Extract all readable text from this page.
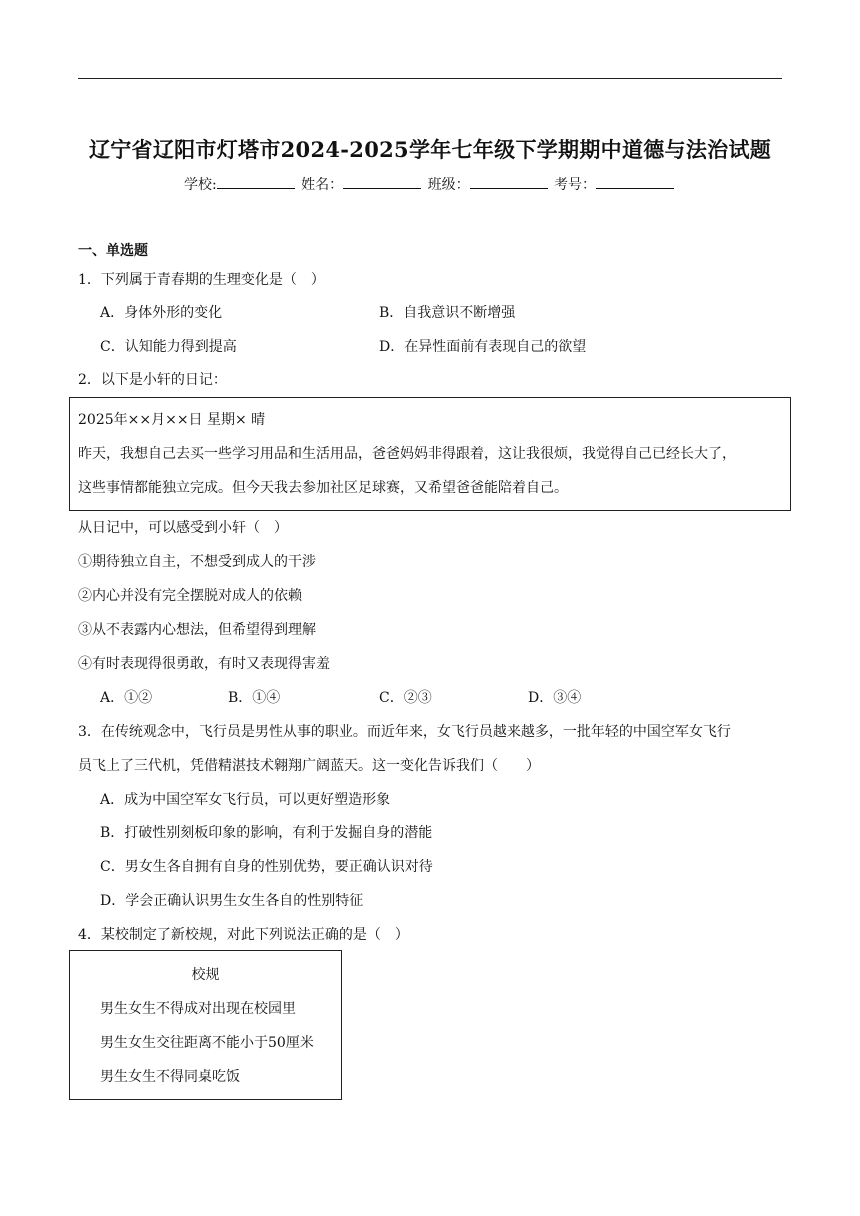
辽宁省辽阳市灯塔市2024-2025学年七年级下学期期中道德与法治试题
学校:	姓名：	班级：	考号：
一、单选题
1．下列属于青春期的生理变化是（　）
A．身体外形的变化	B．自我意识不断增强
C．认知能力得到提高	D．在异性面前有表现自己的欲望
2．以下是小轩的日记：
2025年××月××日 星期× 晴
昨天，我想自己去买一些学习用品和生活用品，爸爸妈妈非得跟着，这让我很烦，我觉得自己已经长大了，
这些事情都能独立完成。但今天我去参加社区足球赛，又希望爸爸能陪着自己。
从日记中，可以感受到小轩（　）
①期待独立自主，不想受到成人的干涉
②内心并没有完全摆脱对成人的依赖
③从不表露内心想法，但希望得到理解
④有时表现得很勇敢，有时又表现得害羞
A．①②	B．①④	C．②③	D．③④
3．在传统观念中，飞行员是男性从事的职业。而近年来，女飞行员越来越多，一批年轻的中国空军女飞行
员飞上了三代机，凭借精湛技术翱翔广阔蓝天。这一变化告诉我们（　　）
A．成为中国空军女飞行员，可以更好塑造形象
B．打破性别刻板印象的影响，有利于发掘自身的潜能
C．男女生各自拥有自身的性别优势，要正确认识对待
D．学会正确认识男生女生各自的性别特征
4．某校制定了新校规，对此下列说法正确的是（　）
校规
男生女生不得成对出现在校园里
男生女生交往距离不能小于50厘米
男生女生不得同桌吃饭
